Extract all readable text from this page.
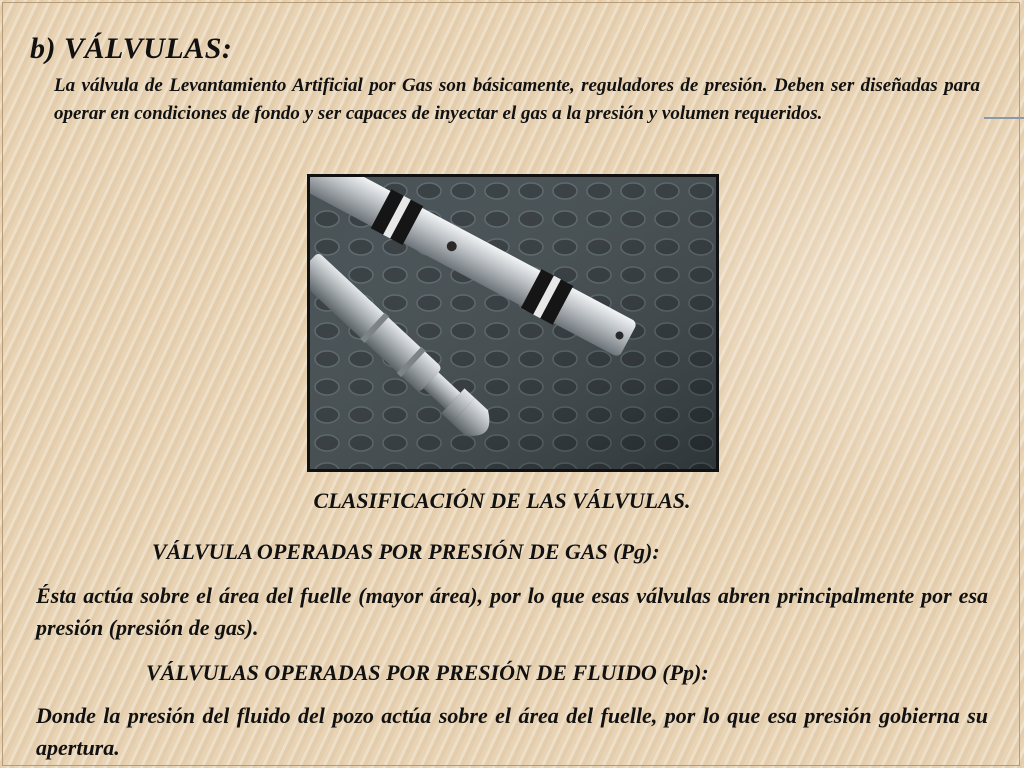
b) VÁLVULAS:

La válvula de Levantamiento Artificial por Gas son básicamente, reguladores de presión. Deben ser diseñadas para operar en condiciones de fondo y ser capaces de inyectar el gas a la presión y volumen requeridos.

CLASIFICACIÓN DE LAS VÁLVULAS.
VÁLVULA OPERADAS POR PRESIÓN DE GAS (Pg):

Ésta actúa sobre el área del fuelle (mayor área), por lo que esas válvulas abren principalmente por esa presión (presión de gas).

VÁLVULAS OPERADAS POR PRESIÓN DE FLUIDO (Pp):

Donde la presión del fluido del pozo actúa sobre el área del fuelle, por lo que esa presión gobierna su apertura.
